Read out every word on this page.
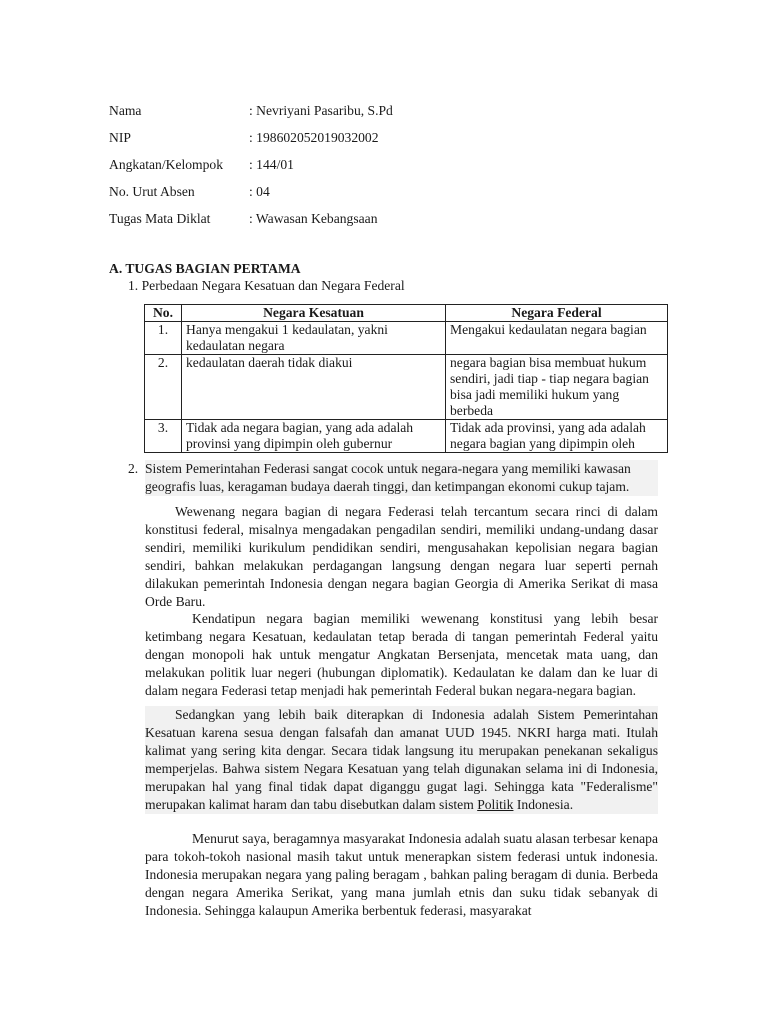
Nama	: Nevriyani Pasaribu, S.Pd
NIP	: 198602052019032002
Angkatan/Kelompok	: 144/01
No. Urut Absen	: 04
Tugas Mata Diklat	: Wawasan Kebangsaan
A. TUGAS BAGIAN PERTAMA
1. Perbedaan Negara Kesatuan dan Negara Federal
No.	Negara Kesatuan	Negara Federal
1.	Hanya mengakui 1 kedaulatan, yakni kedaulatan negara	Mengakui kedaulatan negara bagian
2.	kedaulatan daerah tidak diakui	negara bagian bisa membuat hukum sendiri, jadi tiap - tiap negara bagian bisa jadi memiliki hukum yang berbeda
3.	Tidak ada negara bagian, yang ada adalah provinsi yang dipimpin oleh gubernur	Tidak ada provinsi, yang ada adalah negara bagian yang dipimpin oleh
2. Sistem Pemerintahan Federasi sangat cocok untuk negara-negara yang memiliki kawasan geografis luas, keragaman budaya daerah tinggi, dan ketimpangan ekonomi cukup tajam.

Wewenang negara bagian di negara Federasi telah tercantum secara rinci di dalam konstitusi federal, misalnya mengadakan pengadilan sendiri, memiliki undang-undang dasar sendiri, memiliki kurikulum pendidikan sendiri, mengusahakan kepolisian negara bagian sendiri, bahkan melakukan perdagangan langsung dengan negara luar seperti pernah dilakukan pemerintah Indonesia dengan negara bagian Georgia di Amerika Serikat di masa Orde Baru.

Kendatipun negara bagian memiliki wewenang konstitusi yang lebih besar ketimbang negara Kesatuan, kedaulatan tetap berada di tangan pemerintah Federal yaitu dengan monopoli hak untuk mengatur Angkatan Bersenjata, mencetak mata uang, dan melakukan politik luar negeri (hubungan diplomatik). Kedaulatan ke dalam dan ke luar di dalam negara Federasi tetap menjadi hak pemerintah Federal bukan negara-negara bagian.

Sedangkan yang lebih baik diterapkan di Indonesia adalah Sistem Pemerintahan Kesatuan karena sesua dengan falsafah dan amanat UUD 1945. NKRI harga mati. Itulah kalimat yang sering kita dengar. Secara tidak langsung itu merupakan penekanan sekaligus memperjelas. Bahwa sistem Negara Kesatuan yang telah digunakan selama ini di Indonesia, merupakan hal yang final tidak dapat diganggu gugat lagi. Sehingga kata "Federalisme" merupakan kalimat haram dan tabu disebutkan dalam sistem Politik Indonesia.

Menurut saya, beragamnya masyarakat Indonesia adalah suatu alasan terbesar kenapa para tokoh-tokoh nasional masih takut untuk menerapkan sistem federasi untuk indonesia. Indonesia merupakan negara yang paling beragam , bahkan paling beragam di dunia. Berbeda dengan negara Amerika Serikat, yang mana jumlah etnis dan suku tidak sebanyak di Indonesia. Sehingga kalaupun Amerika berbentuk federasi, masyarakat
